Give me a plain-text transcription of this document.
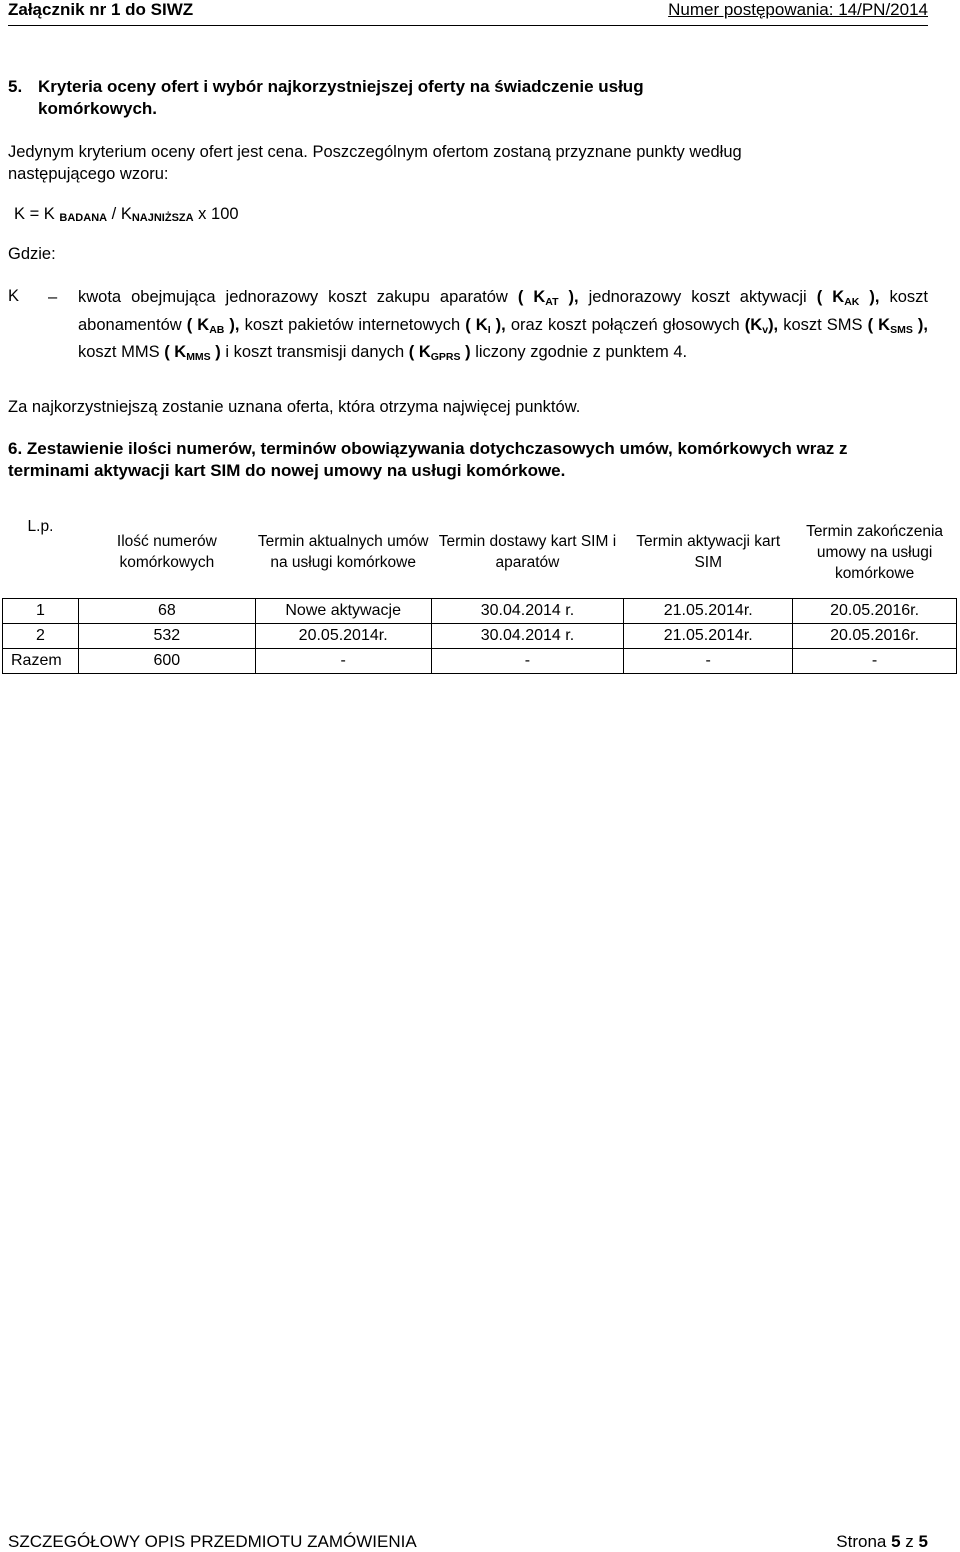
Załącznik nr 1 do SIWZ	Numer postępowania: 14/PN/2014
5. Kryteria oceny ofert i wybór najkorzystniejszej oferty na świadczenie usług
komórkowych.
Jedynym kryterium oceny ofert jest cena. Poszczególnym ofertom zostaną przyznane punkty według
następującego wzoru:
K = K $_{BADANA} / K_{NAJNIŻSZA}$ x 100
Gdzie:
K – kwota obejmująca jednorazowy koszt zakupu aparatów ( $K_{AT}$ ), jednorazowy koszt aktywacji ( $K_{AK}$ ), koszt abonamentów ( $K_{AB}$ ), koszt pakietów internetowych ( $K_I$ ), oraz koszt połączeń głosowych $(K_v)$, koszt SMS ( $K_{SMS}$ ), koszt MMS ( $K_{MMS}$ ) i koszt transmisji danych ( $K_{GPRS}$ ) liczony zgodnie z punktem 4.
Za najkorzystniejszą zostanie uznana oferta, która otrzyma najwięcej punktów.
6. Zestawienie ilości numerów, terminów obowiązywania dotychczasowych umów, komórkowych wraz z terminami aktywacji kart SIM do nowej umowy na usługi komórkowe.
L.p.	Ilość numerów komórkowych	Termin aktualnych umów na usługi komórkowe	Termin dostawy kart SIM i aparatów	Termin aktywacji kart SIM	Termin zakończenia umowy na usługi komórkowe
1	68	Nowe aktywacje	30.04.2014 r.	21.05.2014r.	20.05.2016r.
2	532	20.05.2014r.	30.04.2014 r.	21.05.2014r.	20.05.2016r.
Razem	600	-	-	-	-
SZCZEGÓŁOWY OPIS PRZEDMIOTU ZAMÓWIENIA	Strona 5 z 5
